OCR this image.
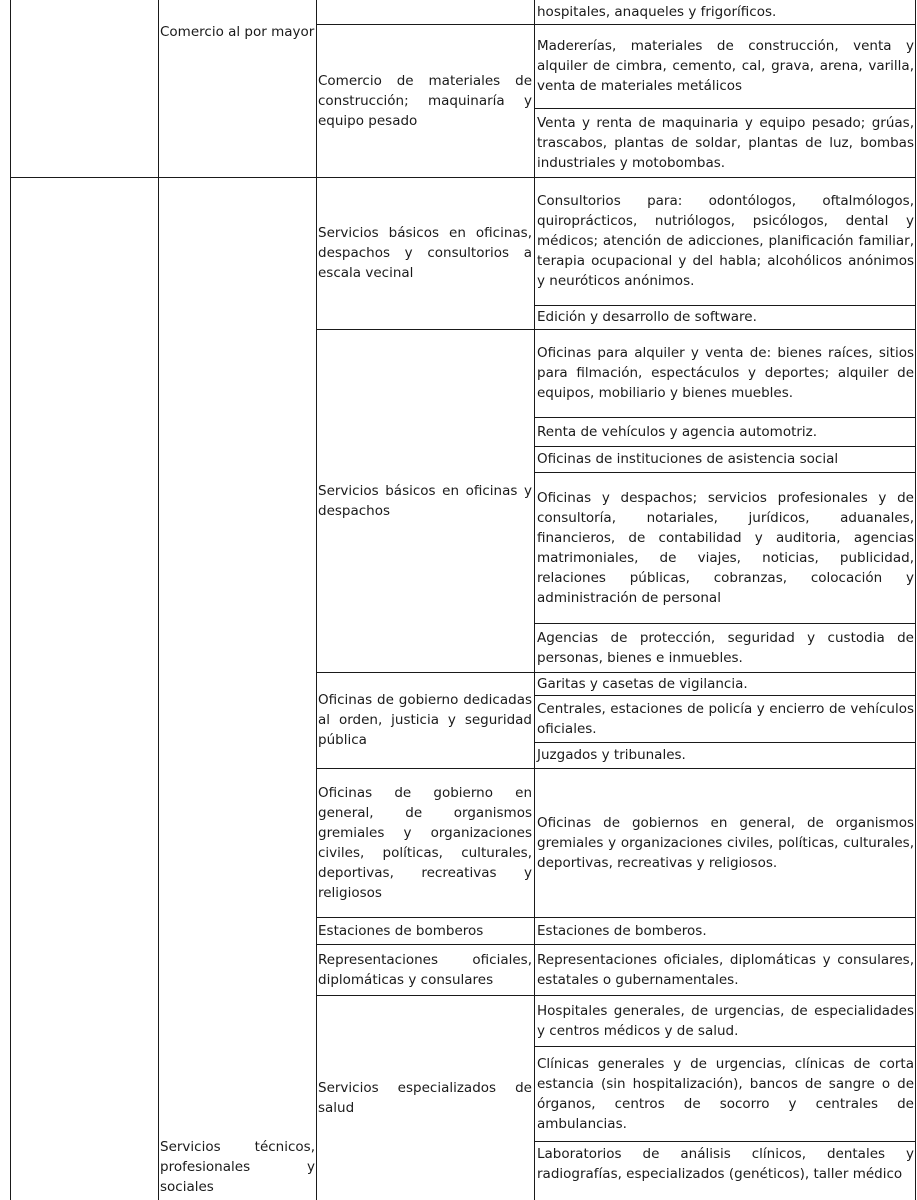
hospitales, anaqueles y frigoríficos.
Comercio al por mayor
Comercio de materiales de construcción; maquinaría y equipo pesado
Madererías, materiales de construcción, venta y alquiler de cimbra, cemento, cal, grava, arena, varilla, venta de materiales metálicos
Venta y renta de maquinaria y equipo pesado; grúas, trascabos, plantas de soldar, plantas de luz, bombas industriales y motobombas.
Servicios técnicos, profesionales y sociales
Servicios básicos en oficinas, despachos y consultorios a escala vecinal
Consultorios para: odontólogos, oftalmólogos, quiroprácticos, nutriólogos, psicólogos, dental y médicos; atención de adicciones, planificación familiar, terapia ocupacional y del habla; alcohólicos anónimos y neuróticos anónimos.
Edición y desarrollo de software.
Servicios básicos en oficinas y despachos
Oficinas para alquiler y venta de: bienes raíces, sitios para filmación, espectáculos y deportes; alquiler de equipos, mobiliario y bienes muebles.
Renta de vehículos y agencia automotriz.
Oficinas de instituciones de asistencia social
Oficinas y despachos; servicios profesionales y de consultoría, notariales, jurídicos, aduanales, financieros, de contabilidad y auditoria, agencias matrimoniales, de viajes, noticias, publicidad, relaciones públicas, cobranzas, colocación y administración de personal
Agencias de protección, seguridad y custodia de personas, bienes e inmuebles.
Oficinas de gobierno dedicadas al orden, justicia y seguridad pública
Garitas y casetas de vigilancia.
Centrales, estaciones de policía y encierro de vehículos oficiales.
Juzgados y tribunales.
Oficinas de gobierno en general, de organismos gremiales y organizaciones civiles, políticas, culturales, deportivas, recreativas y religiosos
Oficinas de gobiernos en general, de organismos gremiales y organizaciones civiles, políticas, culturales, deportivas, recreativas y religiosos.
Estaciones de bomberos	Estaciones de bomberos.
Representaciones oficiales, diplomáticas y consulares
Representaciones oficiales, diplomáticas y consulares, estatales o gubernamentales.
Servicios especializados de salud
Hospitales generales, de urgencias, de especialidades y centros médicos y de salud.
Clínicas generales y de urgencias, clínicas de corta estancia (sin hospitalización), bancos de sangre o de órganos, centros de socorro y centrales de ambulancias.
Laboratorios de análisis clínicos, dentales y radiografías, especializados (genéticos), taller médico
